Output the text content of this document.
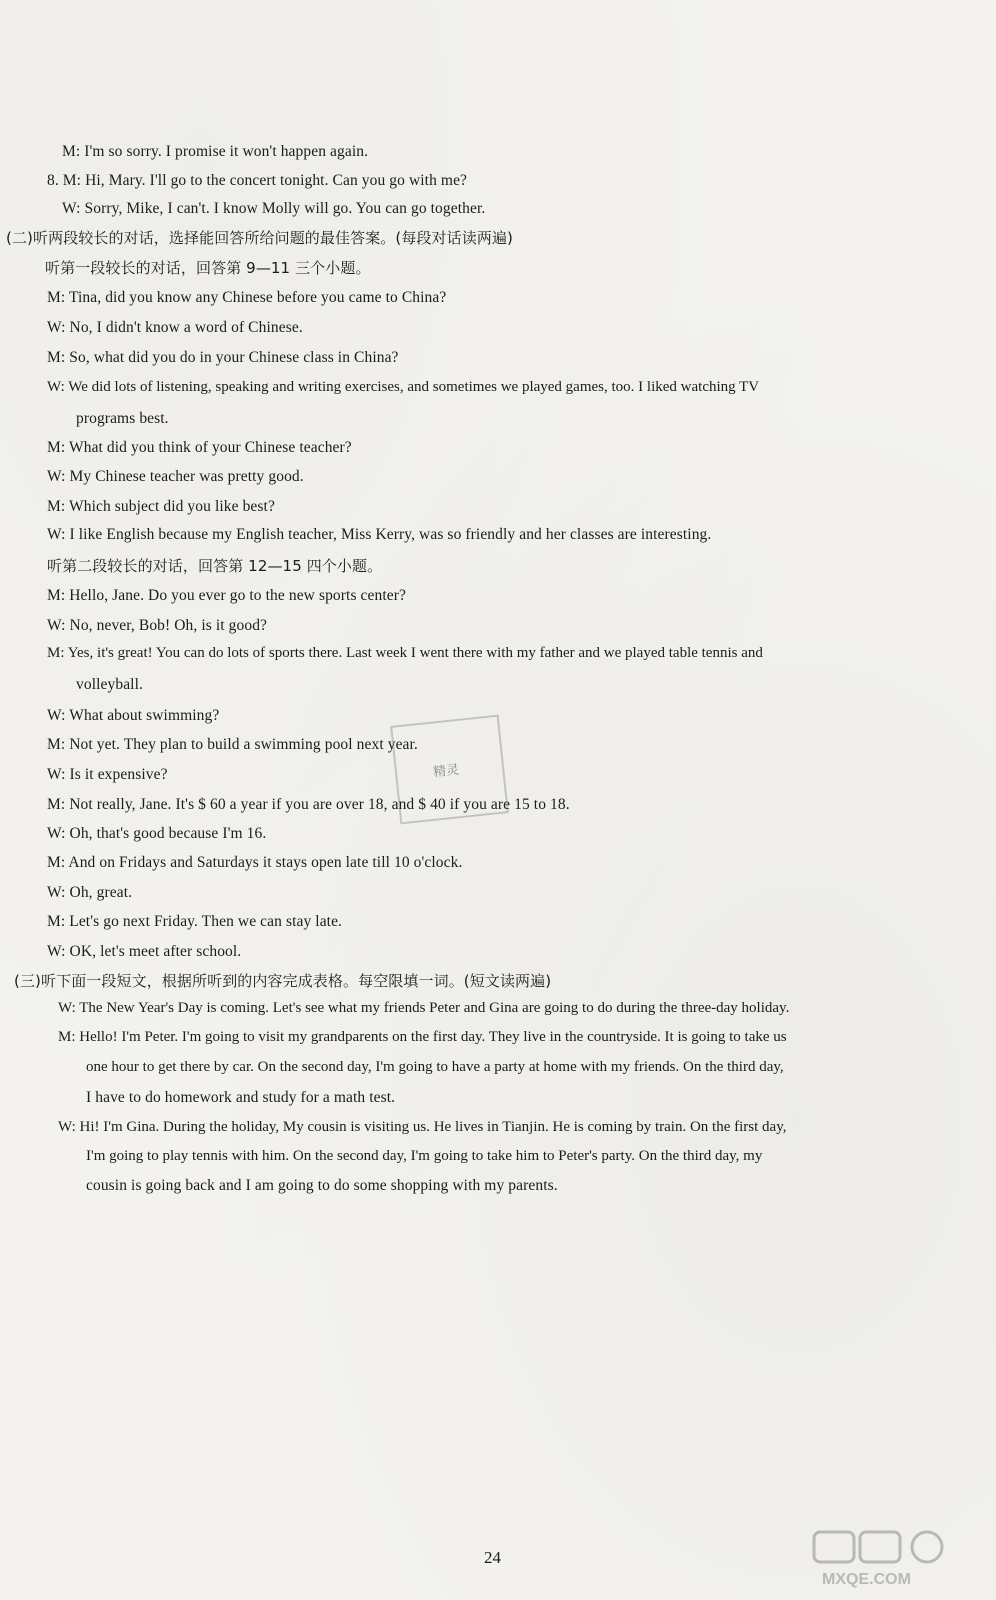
M: I'm so sorry. I promise it won't happen again.
8. M: Hi, Mary. I'll go to the concert tonight. Can you go with me?
W: Sorry, Mike, I can't. I know Molly will go. You can go together.
(二)听两段较长的对话，选择能回答所给问题的最佳答案。(每段对话读两遍)
听第一段较长的对话，回答第 9—11 三个小题。
M: Tina, did you know any Chinese before you came to China?
W: No, I didn't know a word of Chinese.
M: So, what did you do in your Chinese class in China?
W: We did lots of listening, speaking and writing exercises, and sometimes we played games, too. I liked watching TV
programs best.
M: What did you think of your Chinese teacher?
W: My Chinese teacher was pretty good.
M: Which subject did you like best?
W: I like English because my English teacher, Miss Kerry, was so friendly and her classes are interesting.
听第二段较长的对话，回答第 12—15 四个小题。
M: Hello, Jane. Do you ever go to the new sports center?
W: No, never, Bob! Oh, is it good?
M: Yes, it's great! You can do lots of sports there. Last week I went there with my father and we played table tennis and
volleyball.
W: What about swimming?
M: Not yet. They plan to build a swimming pool next year.
W: Is it expensive?
M: Not really, Jane. It's $ 60 a year if you are over 18, and $ 40 if you are 15 to 18.
W: Oh, that's good because I'm 16.
M: And on Fridays and Saturdays it stays open late till 10 o'clock.
W: Oh, great.
M: Let's go next Friday. Then we can stay late.
W: OK, let's meet after school.
(三)听下面一段短文，根据所听到的内容完成表格。每空限填一词。(短文读两遍)
W: The New Year's Day is coming. Let's see what my friends Peter and Gina are going to do during the three-day holiday.
M: Hello! I'm Peter. I'm going to visit my grandparents on the first day. They live in the countryside. It is going to take us
one hour to get there by car. On the second day, I'm going to have a party at home with my friends. On the third day,
I have to do homework and study for a math test.
W: Hi! I'm Gina. During the holiday, My cousin is visiting us. He lives in Tianjin. He is coming by train. On the first day,
I'm going to play tennis with him. On the second day, I'm going to take him to Peter's party. On the third day, my
cousin is going back and I am going to do some shopping with my parents.
精灵
24
MXQE.COM
